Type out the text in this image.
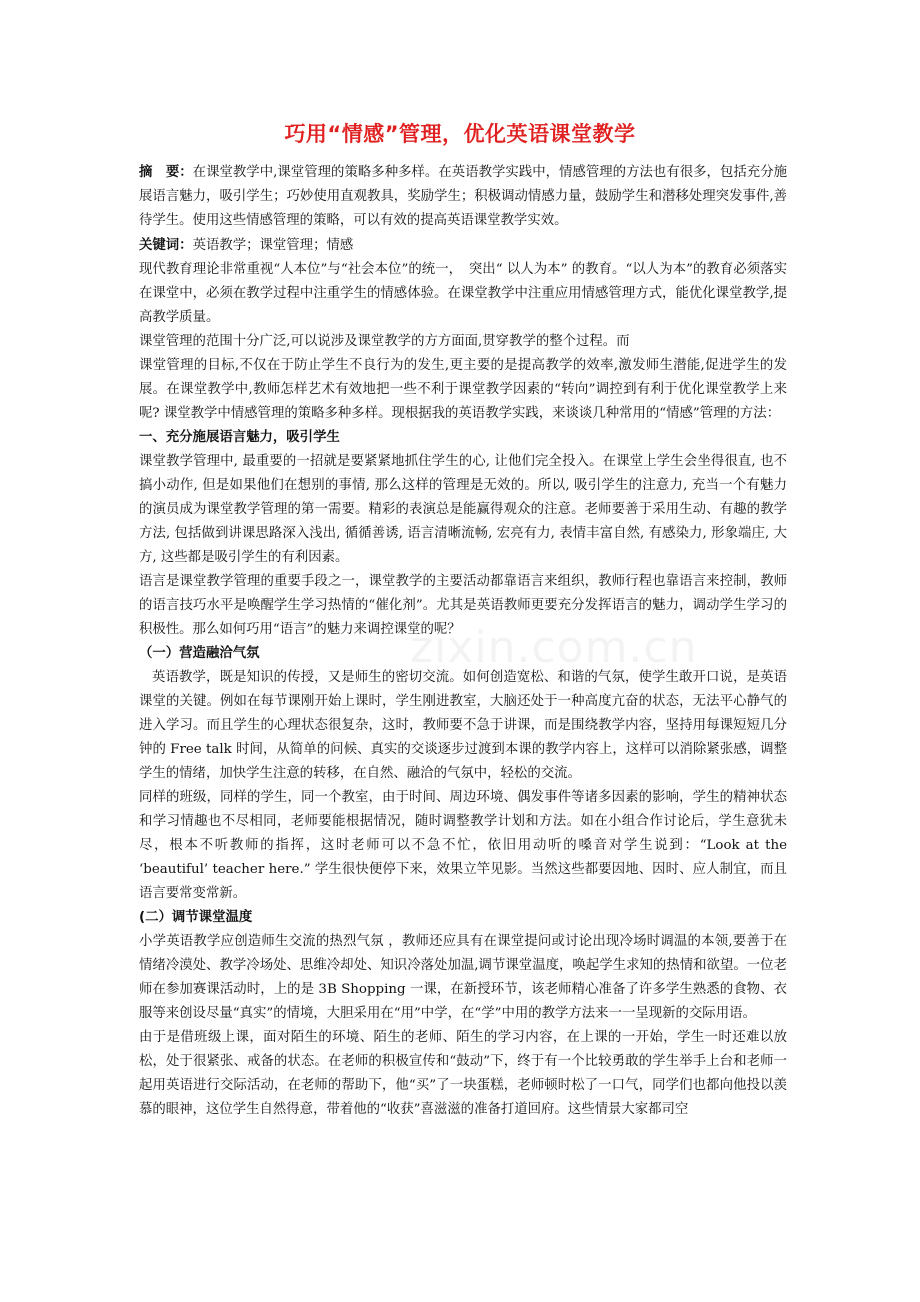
巧用“情感”管理，优化英语课堂教学

摘　要：在课堂教学中,课堂管理的策略多种多样。在英语教学实践中，情感管理的方法也有很多，包括充分施展语言魅力，吸引学生；巧妙使用直观教具，奖励学生；积极调动情感力量，鼓励学生和潜移处理突发事件,善待学生。使用这些情感管理的策略，可以有效的提高英语课堂教学实效。

关键词：英语教学；课堂管理；情感

现代教育理论非常重视“人本位”与“社会本位”的统一，　突出“ 以人为本” 的教育。“以人为本”的教育必须落实在课堂中，必须在教学过程中注重学生的情感体验。在课堂教学中注重应用情感管理方式，能优化课堂教学,提高教学质量。

课堂管理的范围十分广泛,可以说涉及课堂教学的方方面面,贯穿教学的整个过程。而

课堂管理的目标,不仅在于防止学生不良行为的发生,更主要的是提高教学的效率,激发师生潜能,促进学生的发展。在课堂教学中,教师怎样艺术有效地把一些不利于课堂教学因素的“转向”调控到有利于优化课堂教学上来呢? 课堂教学中情感管理的策略多种多样。现根据我的英语教学实践，来谈谈几种常用的“情感”管理的方法：

一、充分施展语言魅力，吸引学生

课堂教学管理中, 最重要的一招就是要紧紧地抓住学生的心, 让他们完全投入。在课堂上学生会坐得很直, 也不搞小动作, 但是如果他们在想别的事情, 那么这样的管理是无效的。所以, 吸引学生的注意力, 充当一个有魅力的演员成为课堂教学管理的第一需要。精彩的表演总是能赢得观众的注意。老师要善于采用生动、有趣的教学方法, 包括做到讲课思路深入浅出, 循循善诱, 语言清晰流畅, 宏亮有力, 表情丰富自然, 有感染力, 形象端庄, 大方, 这些都是吸引学生的有利因素。

语言是课堂教学管理的重要手段之一，课堂教学的主要活动都靠语言来组织，教师行程也靠语言来控制，教师的语言技巧水平是唤醒学生学习热情的“催化剂”。尤其是英语教师更要充分发挥语言的魅力，调动学生学习的积极性。那么如何巧用“语言”的魅力来调控课堂的呢？

（一）营造融洽气氛

英语教学，既是知识的传授，又是师生的密切交流。如何创造宽松、和谐的气氛，使学生敢开口说，是英语课堂的关键。例如在每节课刚开始上课时，学生刚进教室，大脑还处于一种高度亢奋的状态，无法平心静气的进入学习。而且学生的心理状态很复杂，这时，教师要不急于讲课，而是围绕教学内容，坚持用每课短短几分钟的 Free talk 时间，从简单的问候、真实的交谈逐步过渡到本课的教学内容上，这样可以消除紧张感，调整学生的情绪，加快学生注意的转移，在自然、融洽的气氛中，轻松的交流。

同样的班级，同样的学生，同一个教室，由于时间、周边环境、偶发事件等诸多因素的影响，学生的精神状态和学习情趣也不尽相同，老师要能根据情况，随时调整教学计划和方法。如在小组合作讨论后，学生意犹未尽，根本不听教师的指挥，这时老师可以不急不忙，依旧用动听的嗓音对学生说到：“Look at the ‘beautiful’ teacher here.” 学生很快便停下来，效果立竿见影。当然这些都要因地、因时、应人制宜，而且语言要常变常新。

(二）调节课堂温度

小学英语教学应创造师生交流的热烈气氛 ，教师还应具有在课堂提问或讨论出现冷场时调温的本领,要善于在情绪冷漠处、教学冷场处、思维冷却处、知识冷落处加温,调节课堂温度，唤起学生求知的热情和欲望。一位老师在参加赛课活动时，上的是 3B Shopping 一课，在新授环节，该老师精心准备了许多学生熟悉的食物、衣服等来创设尽量“真实”的情境，大胆采用在“用”中学，在“学”中用的教学方法来一一呈现新的交际用语。

由于是借班级上课，面对陌生的环境、陌生的老师、陌生的学习内容，在上课的一开始，学生一时还难以放松，处于很紧张、戒备的状态。在老师的积极宣传和“鼓动”下，终于有一个比较勇敢的学生举手上台和老师一起用英语进行交际活动，在老师的帮助下，他“买”了一块蛋糕，老师顿时松了一口气，同学们也都向他投以羡慕的眼神，这位学生自然得意，带着他的“收获”喜滋滋的准备打道回府。这些情景大家都司空

zixin.com.cn
